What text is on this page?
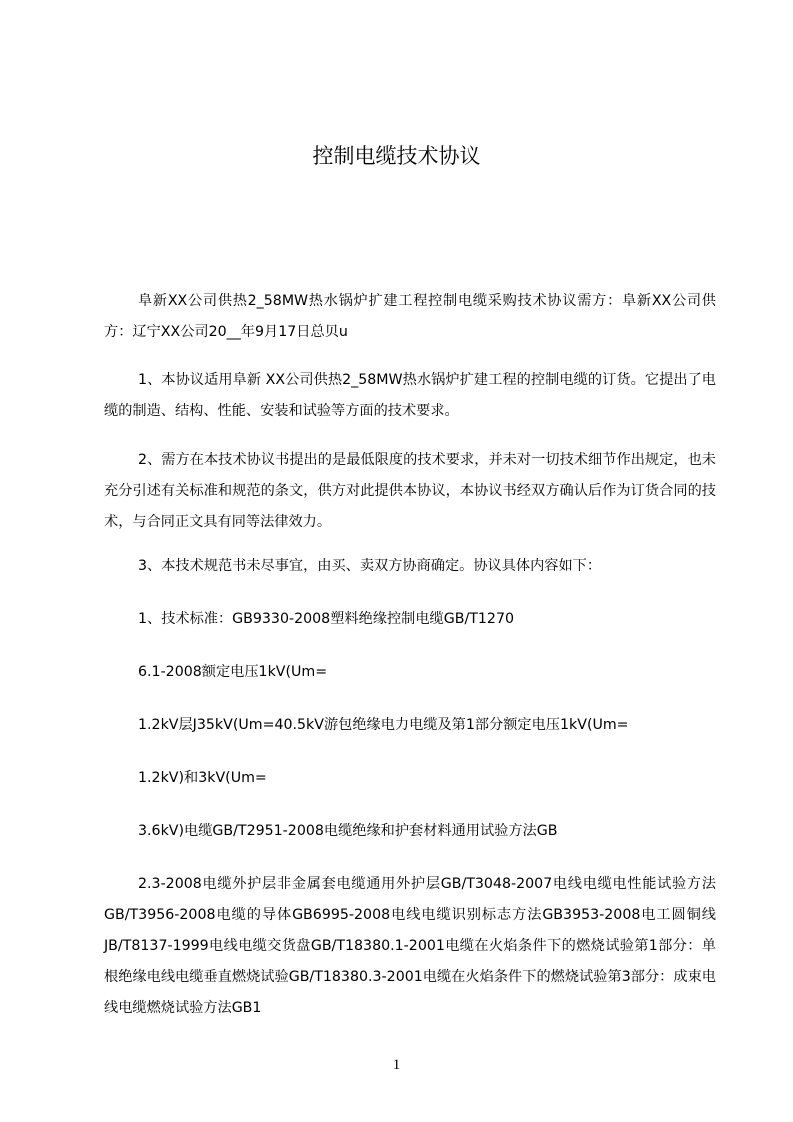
控制电缆技术协议

阜新XX公司供热2_58MW热水锅炉扩建工程控制电缆采购技术协议需方：阜新XX公司供方：辽宁XX公司20__年9月17日总贝u

1、本协议适用阜新 XX公司供热2_58MW热水锅炉扩建工程的控制电缆的订货。它提出了电缆的制造、结构、性能、安装和试验等方面的技术要求。

2、需方在本技术协议书提出的是最低限度的技术要求，并未对一切技术细节作出规定，也未充分引述有关标准和规范的条文，供方对此提供本协议，本协议书经双方确认后作为订货合同的技术，与合同正文具有同等法律效力。

3、本技术规范书未尽事宜，由买、卖双方协商确定。协议具体内容如下：

1、技术标准：GB9330-2008塑料绝缘控制电缆GB/T1270

6.1-2008额定电压1kV(Um=

1.2kV层J35kV(Um=40.5kV游包绝缘电力电缆及第1部分额定电压1kV(Um=

1.2kV)和3kV(Um=

3.6kV)电缆GB/T2951-2008电缆绝缘和护套材料通用试验方法GB

2.3-2008电缆外护层非金属套电缆通用外护层GB/T3048-2007电线电缆电性能试验方法GB/T3956-2008电缆的导体GB6995-2008电线电缆识别标志方法GB3953-2008电工圆铜线JB/T8137-1999电线电缆交货盘GB/T18380.1-2001电缆在火焰条件下的燃烧试验第1部分：单根绝缘电线电缆垂直燃烧试验GB/T18380.3-2001电缆在火焰条件下的燃烧试验第3部分：成束电线电缆燃烧试验方法GB1

1
